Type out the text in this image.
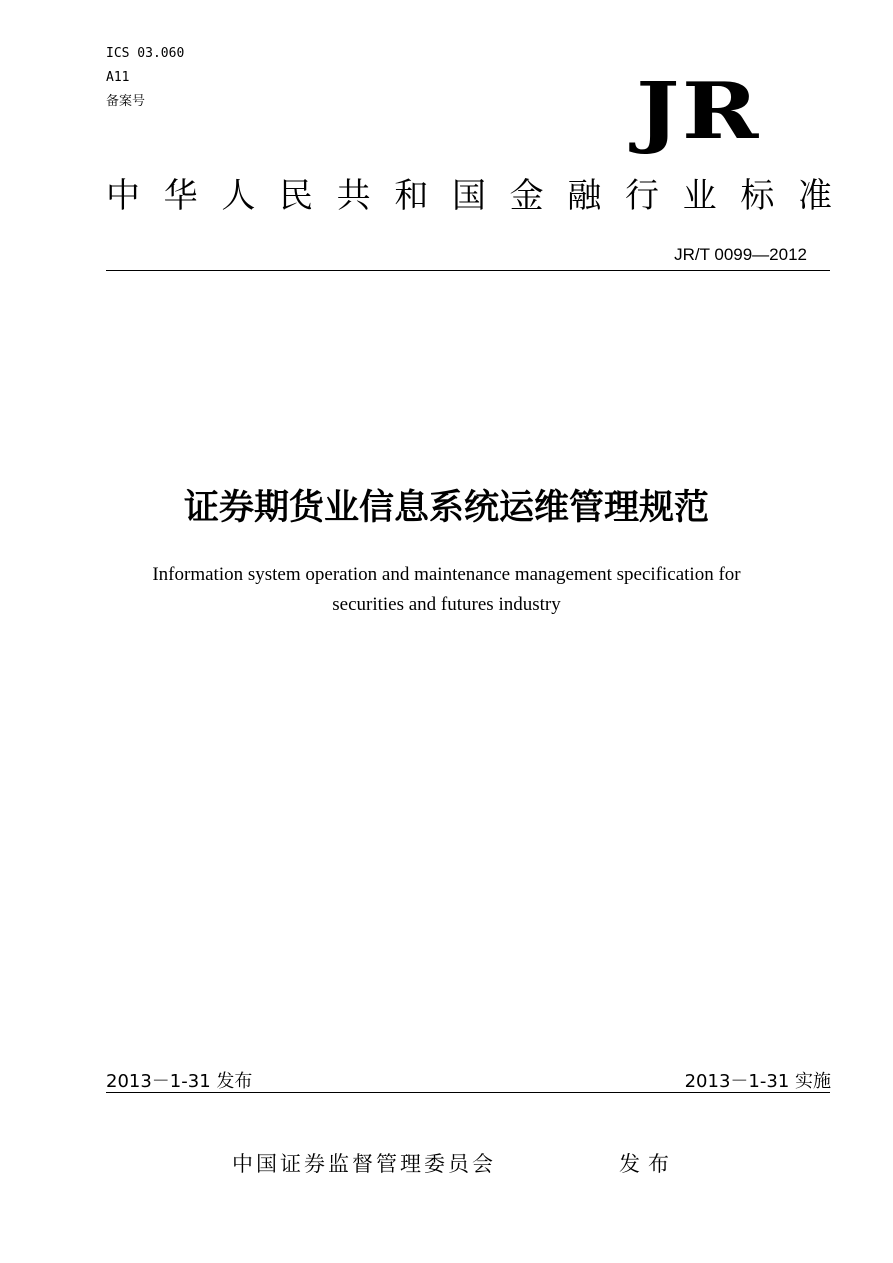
ICS 03.060
A11
备案号	JR
中华人民共和国金融行业标准
JR/T 0099—2012
证券期货业信息系统运维管理规范
Information system operation and maintenance management specification for
securities and futures industry
2013－1-31 发布	2013－1-31 实施
中国证券监督管理委员会	发布
